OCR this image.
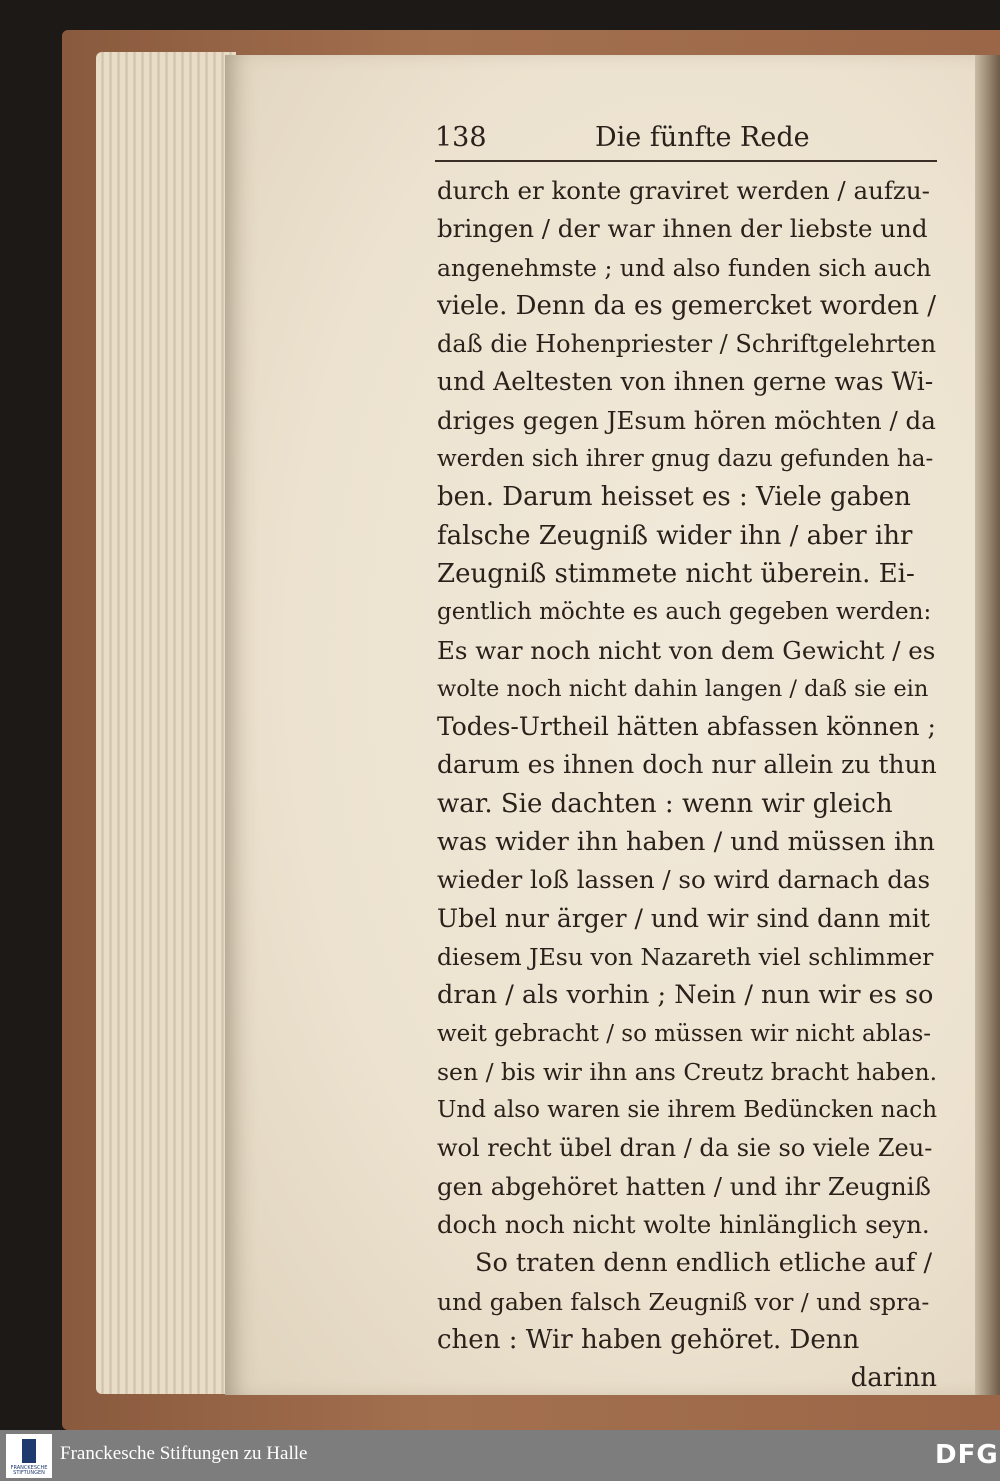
138	Die fünfte Rede
durch er konte graviret werden / aufzu-
bringen / der war ihnen der liebste und
angenehmste ; und also funden sich auch
viele. Denn da es gemercket worden /
daß die Hohenpriester / Schriftgelehrten
und Aeltesten von ihnen gerne was Wi-
driges gegen JEsum hören möchten / da
werden sich ihrer gnug dazu gefunden ha-
ben. Darum heisset es : Viele gaben
falsche Zeugniß wider ihn / aber ihr
Zeugniß stimmete nicht überein. Ei-
gentlich möchte es auch gegeben werden:
Es war noch nicht von dem Gewicht / es
wolte noch nicht dahin langen / daß sie ein
Todes-Urtheil hätten abfassen können ;
darum es ihnen doch nur allein zu thun
war. Sie dachten : wenn wir gleich
was wider ihn haben / und müssen ihn
wieder loß lassen / so wird darnach das
Ubel nur ärger / und wir sind dann mit
diesem JEsu von Nazareth viel schlimmer
dran / als vorhin ; Nein / nun wir es so
weit gebracht / so müssen wir nicht ablas-
sen / bis wir ihn ans Creutz bracht haben.
Und also waren sie ihrem Bedüncken nach
wol recht übel dran / da sie so viele Zeu-
gen abgehöret hatten / und ihr Zeugniß
doch noch nicht wolte hinlänglich seyn.
So traten denn endlich etliche auf /
und gaben falsch Zeugniß vor / und spra-
chen : Wir haben gehöret. Denn
darinn
FRANCKESCHE STIFTUNGEN
Franckesche Stiftungen zu Halle	DFG
